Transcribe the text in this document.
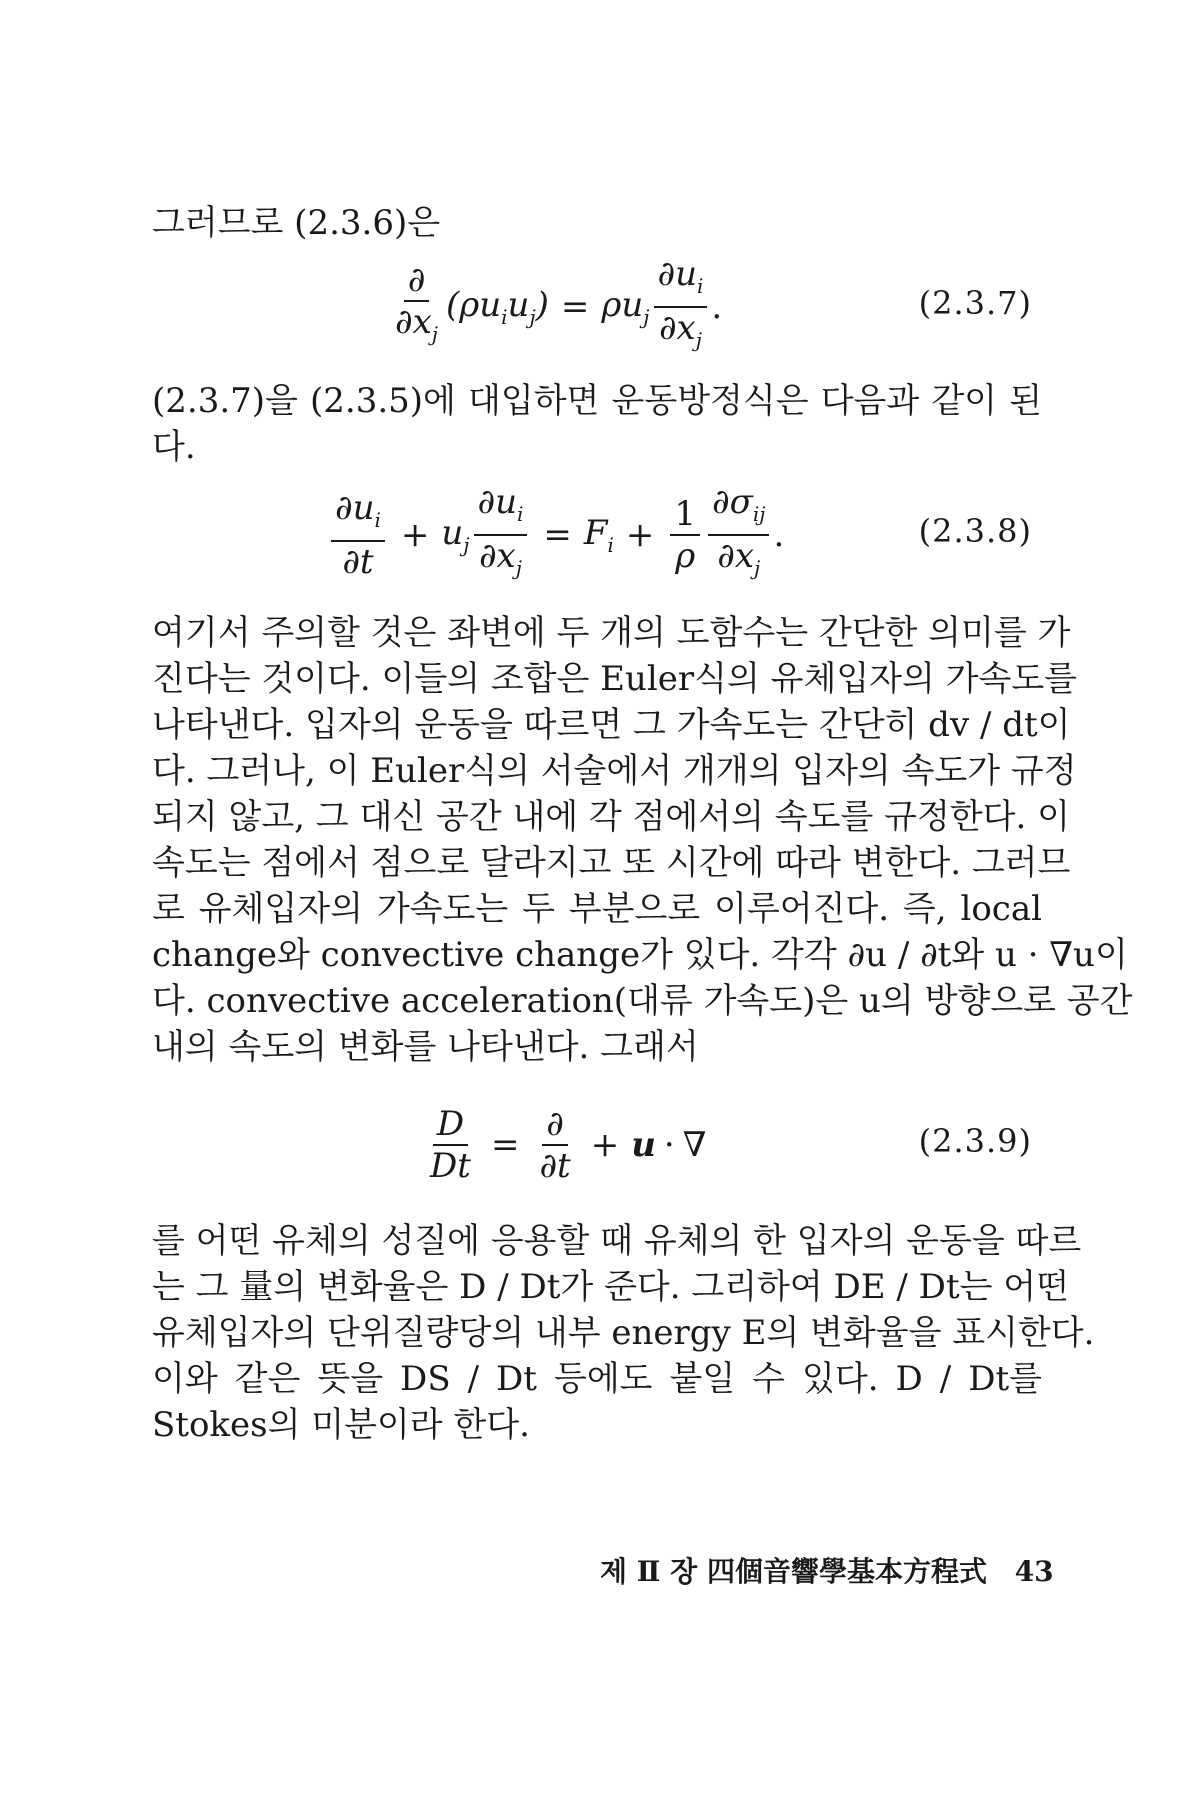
그러므로 (2.3.6)은
$\frac{\partial}{\partial x_j} (\rho u_iu_j) = \rho u_j \frac{\partial u_i}{\partial x_j}$ .	(2.3.7)
(2.3.7)을 (2.3.5)에 대입하면 운동방정식은 다음과 같이 된
다.
$\frac{\partial u_i}{\partial t} + u_j \frac{\partial u_i}{\partial x_j} = F_i + \frac{1}{\rho} \frac{\partial\sigma_{ij}}{\partial x_j}$ .	(2.3.8)
여기서 주의할 것은 좌변에 두 개의 도함수는 간단한 의미를 가
진다는 것이다. 이들의 조합은 Euler식의 유체입자의 가속도를
나타낸다. 입자의 운동을 따르면 그 가속도는 간단히 dv / dt이
다. 그러나, 이 Euler식의 서술에서 개개의 입자의 속도가 규정
되지 않고, 그 대신 공간 내에 각 점에서의 속도를 규정한다. 이
속도는 점에서 점으로 달라지고 또 시간에 따라 변한다. 그러므
로 유체입자의 가속도는 두 부분으로 이루어진다. 즉, local
change와 convective change가 있다. 각각 ∂u / ∂t와 u · ∇u이
다. convective acceleration(대류 가속도)은 u의 방향으로 공간
내의 속도의 변화를 나타낸다. 그래서
$\frac{D}{Dt} = \frac{\partial}{\partial t} + u$ · ∇	(2.3.9)
를 어떤 유체의 성질에 응용할 때 유체의 한 입자의 운동을 따르
는 그 量의 변화율은 D / Dt가 준다. 그리하여 DE / Dt는 어떤
유체입자의 단위질량당의 내부 energy E의 변화율을 표시한다.
이와 같은 뜻을 DS / Dt 등에도 붙일 수 있다. D / Dt를
Stokes의 미분이라 한다.
제 Ⅱ 장 四個音響學基本方程式 43
